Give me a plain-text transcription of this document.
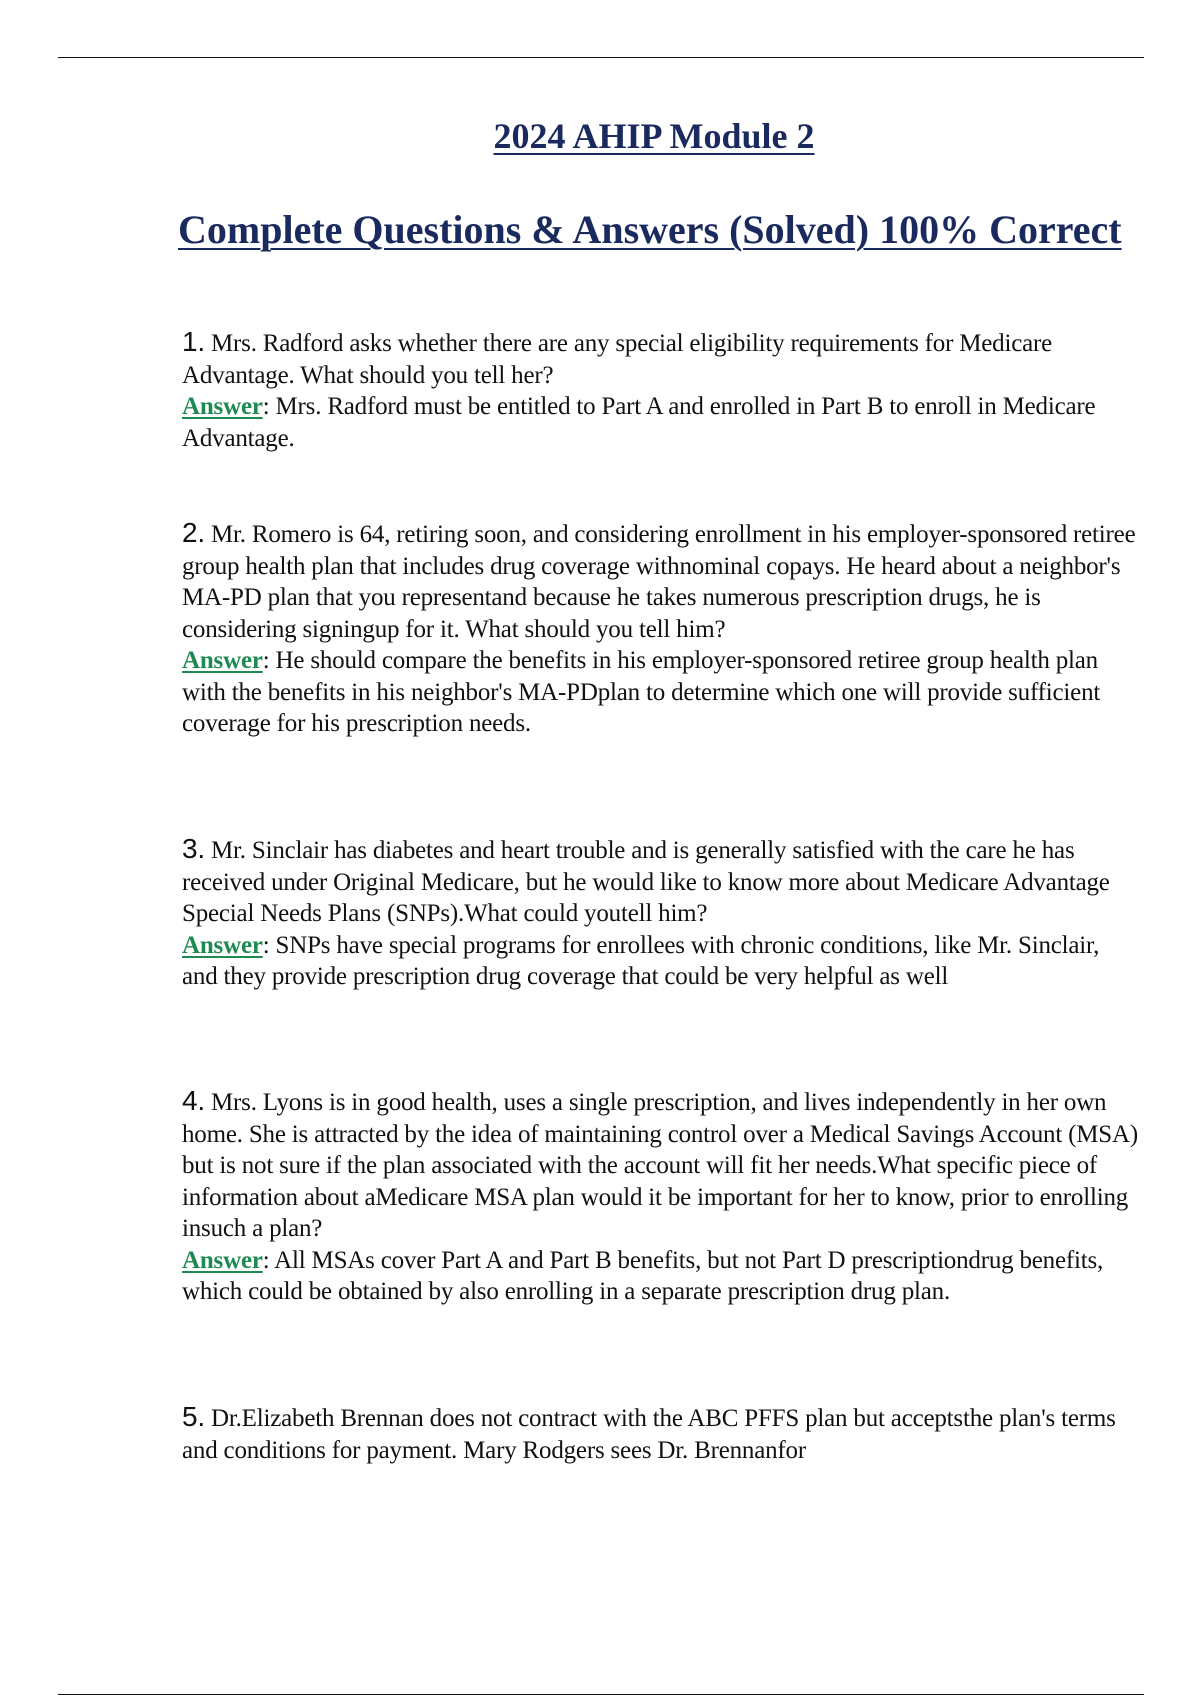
2024 AHIP Module 2
Complete Questions & Answers (Solved) 100% Correct

1. Mrs. Radford asks whether there are any special eligibility requirements for Medicare Advantage. What should you tell her?

Answer: Mrs. Radford must be entitled to Part A and enrolled in Part B to enroll in Medicare Advantage.

2. Mr. Romero is 64, retiring soon, and considering enrollment in his employer-sponsored retiree group health plan that includes drug coverage withnominal copays. He heard about a neighbor's MA-PD plan that you representand because he takes numerous prescription drugs, he is considering signingup for it. What should you tell him?

Answer: He should compare the benefits in his employer-sponsored retiree group health plan with the benefits in his neighbor's MA-PDplan to determine which one will provide sufficient coverage for his prescription needs.

3. Mr. Sinclair has diabetes and heart trouble and is generally satisfied with the care he has received under Original Medicare, but he would like to know more about Medicare Advantage Special Needs Plans (SNPs).What could youtell him?

Answer: SNPs have special programs for enrollees with chronic conditions, like Mr. Sinclair, and they provide prescription drug coverage that could be very helpful as well

4. Mrs. Lyons is in good health, uses a single prescription, and lives independently in her own home. She is attracted by the idea of maintaining control over a Medical Savings Account (MSA) but is not sure if the plan associated with the account will fit her needs.What specific piece of information about aMedicare MSA plan would it be important for her to know, prior to enrolling insuch a plan?

Answer: All MSAs cover Part A and Part B benefits, but not Part D prescriptiondrug benefits, which could be obtained by also enrolling in a separate prescription drug plan.

5. Dr.Elizabeth Brennan does not contract with the ABC PFFS plan but acceptsthe plan's terms and conditions for payment. Mary Rodgers sees Dr. Brennanfor
